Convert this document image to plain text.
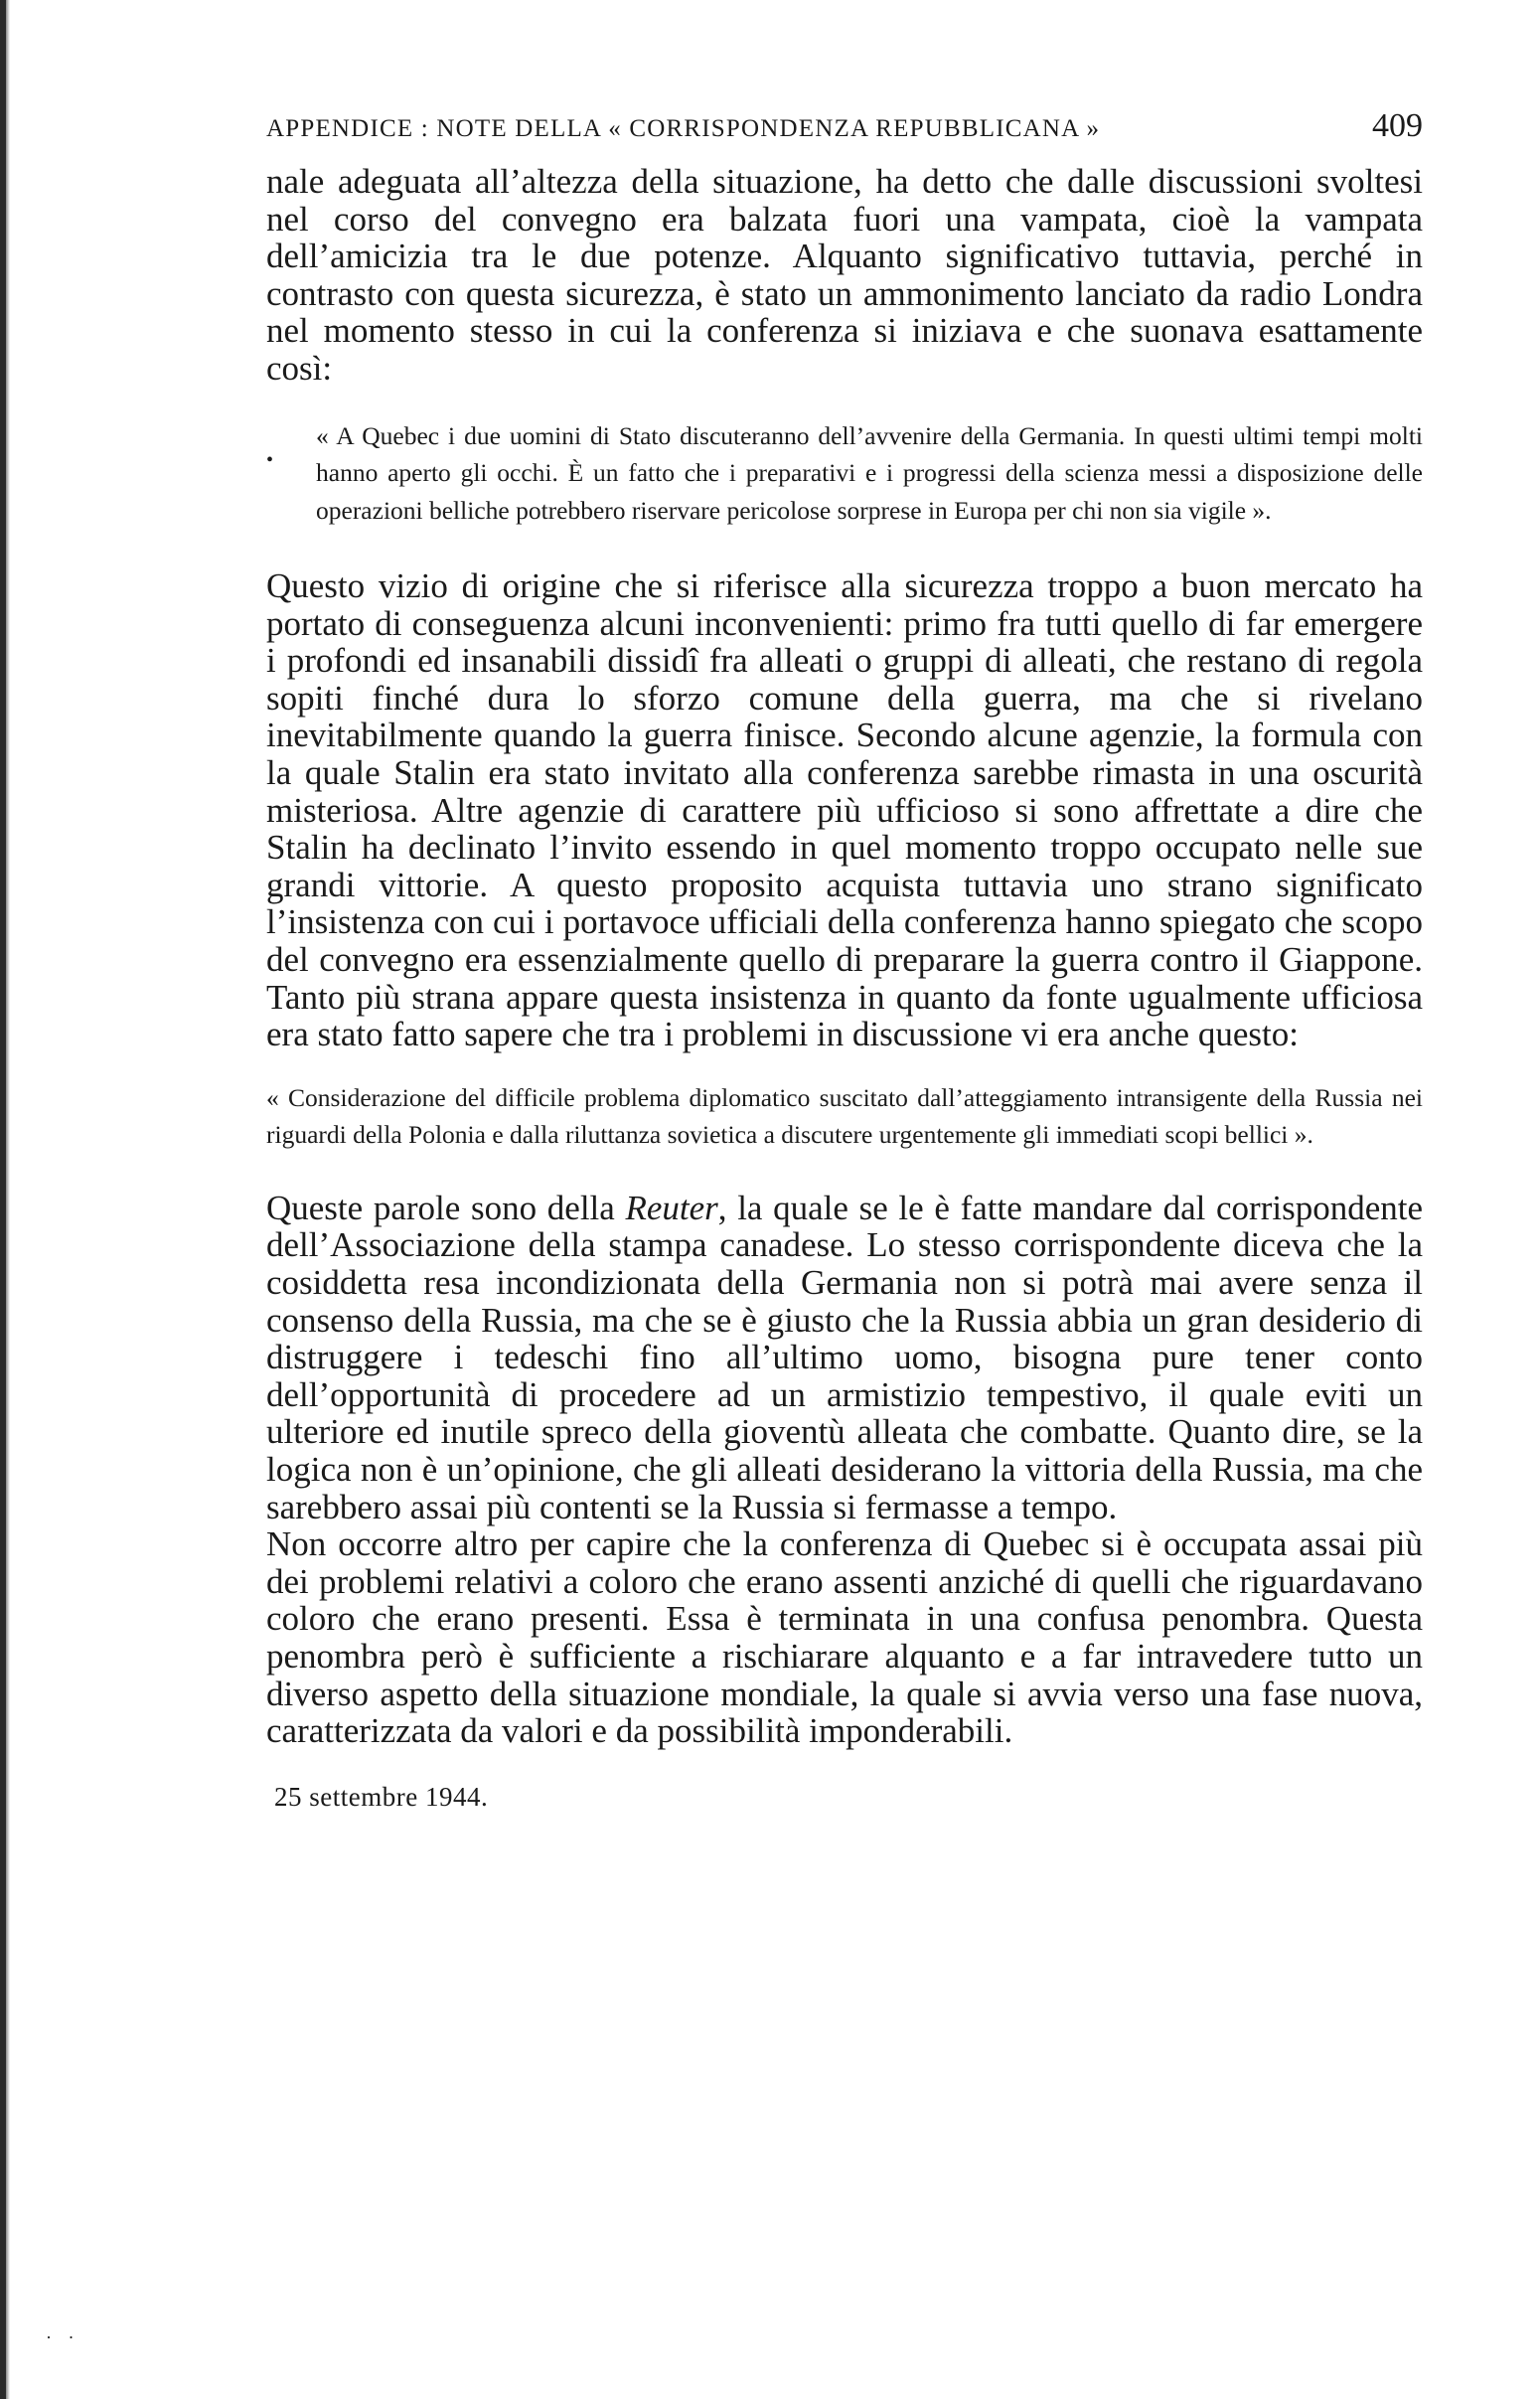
•
APPENDICE : NOTE DELLA « CORRISPONDENZA REPUBBLICANA »	409

nale adeguata all’altezza della situazione, ha detto che dalle discussioni svoltesi nel corso del convegno era balzata fuori una vampata, cioè la vampata dell’amicizia tra le due potenze. Alquanto significativo tuttavia, perché in contrasto con questa sicurezza, è stato un ammonimento lanciato da radio Londra nel momento stesso in cui la conferenza si iniziava e che suonava esattamente così:

« A Quebec i due uomini di Stato discuteranno dell’avvenire della Germania. In questi ultimi tempi molti hanno aperto gli occhi. È un fatto che i preparativi e i progressi della scienza messi a disposizione delle operazioni belliche potrebbero riservare pericolose sorprese in Europa per chi non sia vigile ».

Questo vizio di origine che si riferisce alla sicurezza troppo a buon mercato ha portato di conseguenza alcuni inconvenienti: primo fra tutti quello di far emergere i profondi ed insanabili dissidî fra alleati o gruppi di alleati, che restano di regola sopiti finché dura lo sforzo comune della guerra, ma che si rivelano inevitabilmente quando la guerra finisce. Secondo alcune agenzie, la formula con la quale Stalin era stato invitato alla conferenza sarebbe rimasta in una oscurità misteriosa. Altre agenzie di carattere più ufficioso si sono affrettate a dire che Stalin ha declinato l’invito essendo in quel momento troppo occupato nelle sue grandi vittorie. A questo proposito acquista tuttavia uno strano significato l’insistenza con cui i portavoce ufficiali della conferenza hanno spiegato che scopo del convegno era essenzialmente quello di preparare la guerra contro il Giappone. Tanto più strana appare questa insistenza in quanto da fonte ugualmente ufficiosa era stato fatto sapere che tra i problemi in discussione vi era anche questo:

« Considerazione del difficile problema diplomatico suscitato dall’atteggiamento intransigente della Russia nei riguardi della Polonia e dalla riluttanza sovietica a discutere urgentemente gli immediati scopi bellici ».

Queste parole sono della Reuter, la quale se le è fatte mandare dal corrispondente dell’Associazione della stampa canadese. Lo stesso corrispondente diceva che la cosiddetta resa incondizionata della Germania non si potrà mai avere senza il consenso della Russia, ma che se è giusto che la Russia abbia un gran desiderio di distruggere i tedeschi fino all’ultimo uomo, bisogna pure tener conto dell’opportunità di procedere ad un armistizio tempestivo, il quale eviti un ulteriore ed inutile spreco della gioventù alleata che combatte. Quanto dire, se la logica non è un’opinione, che gli alleati desiderano la vittoria della Russia, ma che sarebbero assai più contenti se la Russia si fermasse a tempo.

Non occorre altro per capire che la conferenza di Quebec si è occupata assai più dei problemi relativi a coloro che erano assenti anziché di quelli che riguardavano coloro che erano presenti. Essa è terminata in una confusa penombra. Questa penombra però è sufficiente a rischiarare alquanto e a far intravedere tutto un diverso aspetto della situazione mondiale, la quale si avvia verso una fase nuova, caratterizzata da valori e da possibilità imponderabili.

25 settembre 1944.
· ·
